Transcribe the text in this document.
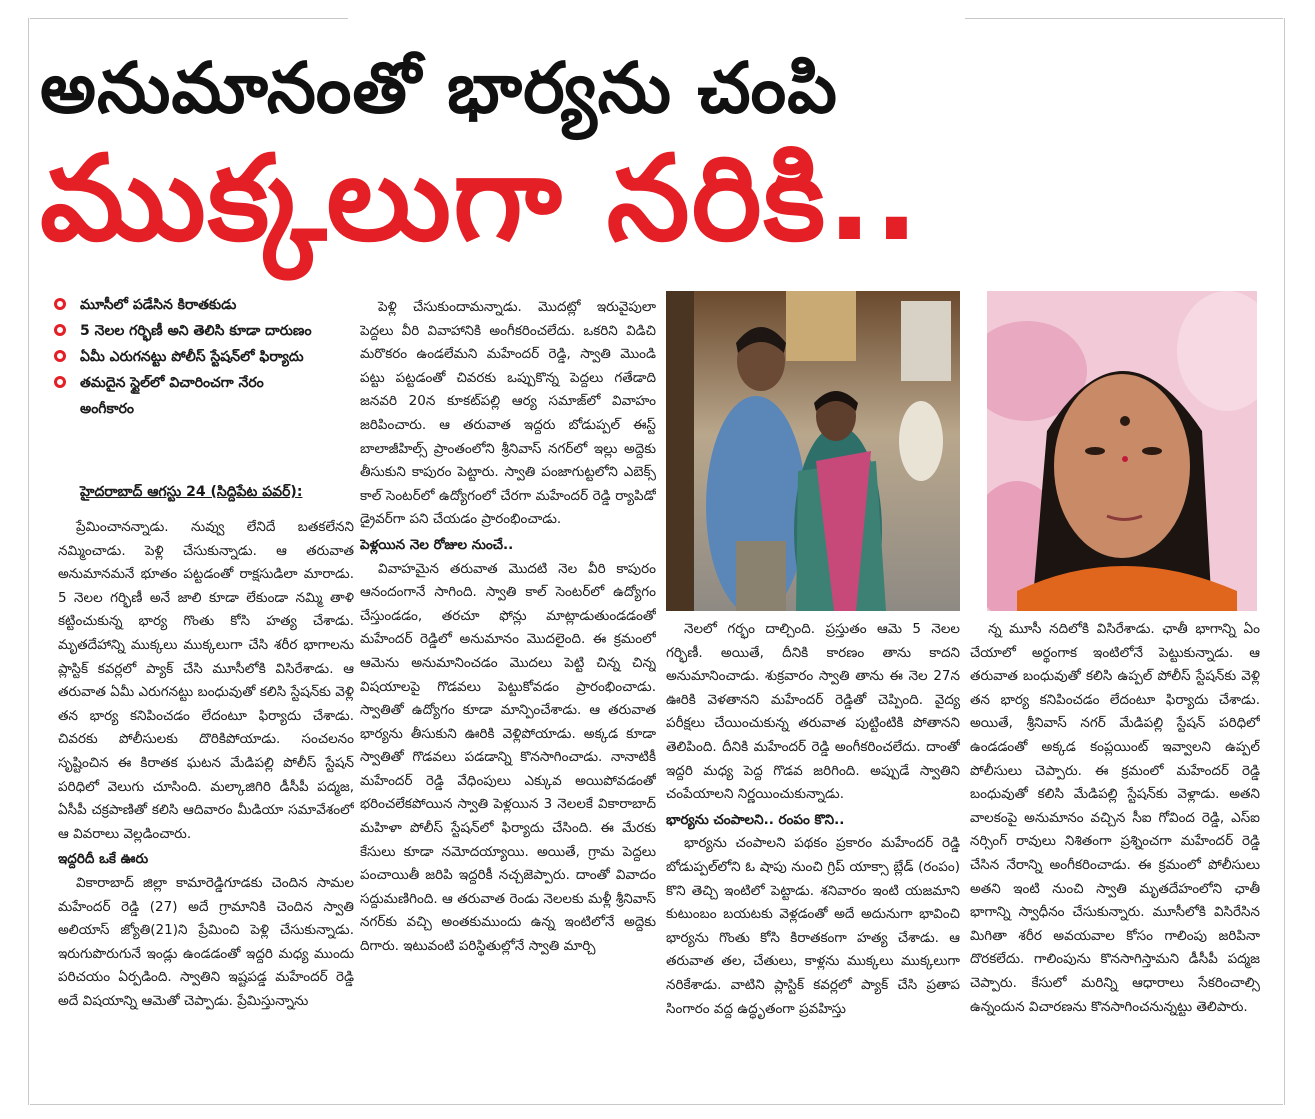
అనుమానంతో భార్యను చంపి
ముక్కలుగా నరికి..
మూసీలో పడేసిన కిరాతకుడు
5 నెలల గర్భిణీ అని తెలిసి కూడా దారుణం
ఏమీ ఎరుగనట్టు పోలీస్ స్టేషన్‌లో ఫిర్యాదు
తమదైన స్టైల్‌లో విచారించగా నేరం అంగీకారం
హైదరాబాద్ ఆగస్టు 24 (సిద్దిపేట పవర్):

ప్రేమించానన్నాడు. నువ్వు లేనిదే బతకలేనని నమ్మించాడు. పెళ్లి చేసుకున్నాడు. ఆ తరువాత అనుమానమనే భూతం పట్టడంతో రాక్షసుడిలా మారాడు. 5 నెలల గర్భిణీ అనే జాలి కూడా లేకుండా నమ్మి తాళి కట్టించుకున్న భార్య గొంతు కోసి హత్య చేశాడు. మృతదేహాన్ని ముక్కలు ముక్కలుగా చేసి శరీర భాగాలను ప్లాస్టిక్ కవర్లలో ప్యాక్ చేసి మూసీలోకి విసిరేశాడు. ఆ తరువాత ఏమీ ఎరుగనట్టు బంధువుతో కలిసి స్టేషన్‌కు వెళ్లి తన భార్య కనిపించడం లేదంటూ ఫిర్యాదు చేశాడు. చివరకు పోలీసులకు దొరికిపోయాడు. సంచలనం సృష్టించిన ఈ కిరాతక ఘటన మేడిపల్లి పోలీస్ స్టేషన్ పరిధిలో వెలుగు చూసింది. మల్కాజిగిరి డీసీపీ పద్మజ, ఏసీపీ చక్రపాణితో కలిసి ఆదివారం మీడియా సమావేశంలో ఆ వివరాలు వెల్లడించారు.

ఇద్దరిదీ ఒకే ఊరు

వికారాబాద్ జిల్లా కామారెడ్డిగూడకు చెందిన సామల మహేందర్ రెడ్డి (27) అదే గ్రామానికి చెందిన స్వాతి అలియాస్ జ్యోతి(21)ని ప్రేమించి పెళ్లి చేసుకున్నాడు. ఇరుగుపొరుగునే ఇండ్లు ఉండడంతో ఇద్దరి మధ్య ముందు పరిచయం ఏర్పడింది. స్వాతిని ఇష్టపడ్డ మహేందర్ రెడ్డి అదే విషయాన్ని ఆమెతో చెప్పాడు. ప్రేమిస్తున్నాను

పెళ్లి చేసుకుందామన్నాడు. మొదట్లో ఇరువైపులా పెద్దలు వీరి వివాహానికి అంగీకరించలేదు. ఒకరిని విడిచి మరొకరం ఉండలేమని మహేందర్ రెడ్డి, స్వాతి మొండి పట్టు పట్టడంతో చివరకు ఒప్పుకొన్న పెద్దలు గతేడాది జనవరి 20న కూకట్‌పల్లి ఆర్య సమాజ్‌లో వివాహం జరిపించారు. ఆ తరువాత ఇద్దరు బోడుప్పల్ ఈస్ట్ బాలాజీహిల్స్ ప్రాంతంలోని శ్రీనివాస్ నగర్‌లో ఇల్లు అద్దెకు తీసుకుని కాపురం పెట్టారు. స్వాతి పంజాగుట్టలోని ఎబెక్స్ కాల్ సెంటర్‌లో ఉద్యోగంలో చేరగా మహేందర్ రెడ్డి ర్యాపిడో డ్రైవర్‌గా పని చేయడం ప్రారంభించాడు.

పెళ్లయిన నెల రోజుల నుంచే..

వివాహమైన తరువాత మొదటి నెల వీరి కాపురం ఆనందంగానే సాగింది. స్వాతి కాల్ సెంటర్‌లో ఉద్యోగం చేస్తుండడం, తరచూ ఫోన్లు మాట్లాడుతుండడంతో మహేందర్ రెడ్డిలో అనుమానం మొదలైంది. ఈ క్రమంలో ఆమెను అనుమానించడం మొదలు పెట్టి చిన్న చిన్న విషయాలపై గొడవలు పెట్టుకోవడం ప్రారంభించాడు. స్వాతితో ఉద్యోగం కూడా మాన్పించేశాడు. ఆ తరువాత భార్యను తీసుకుని ఊరికి వెళ్లిపోయాడు. అక్కడ కూడా స్వాతితో గొడవలు పడడాన్ని కొనసాగించాడు. నానాటికీ మహేందర్ రెడ్డి వేధింపులు ఎక్కువ అయిపోవడంతో భరించలేకపోయిన స్వాతి పెళ్లయిన 3 నెలలకే వికారాబాద్ మహిళా పోలీస్ స్టేషన్‌లో ఫిర్యాదు చేసింది. ఈ మేరకు కేసులు కూడా నమోదయ్యాయి. అయితే, గ్రామ పెద్దలు పంచాయితీ జరిపి ఇద్దరికీ నచ్చజెప్పారు. దాంతో వివాదం సద్దుమణిగింది. ఆ తరువాత రెండు నెలలకు మళ్లీ శ్రీనివాస్ నగర్‌కు వచ్చి అంతకుముందు ఉన్న ఇంటిలోనే అద్దెకు దిగారు. ఇటువంటి పరిస్థితుల్లోనే స్వాతి మార్చి

నెలలో గర్భం దాల్చింది. ప్రస్తుతం ఆమె 5 నెలల గర్భిణీ. అయితే, దీనికి కారణం తాను కాదని అనుమానించాడు. శుక్రవారం స్వాతి తాను ఈ నెల 27న ఊరికి వెళతానని మహేందర్ రెడ్డితో చెప్పింది. వైద్య పరీక్షలు చేయించుకున్న తరువాత పుట్టింటికి పోతానని తెలిపింది. దీనికి మహేందర్ రెడ్డి అంగీకరించలేదు. దాంతో ఇద్దరి మధ్య పెద్ద గొడవ జరిగింది. అప్పుడే స్వాతిని చంపేయాలని నిర్ణయించుకున్నాడు.

భార్యను చంపాలని.. రంపం కొని..

భార్యను చంపాలని పథకం ప్రకారం మహేందర్ రెడ్డి బోడుప్పల్‌లోని ఓ షాపు నుంచి గ్రిప్ యాక్సా బ్లేడ్ (రంపం) కొని తెచ్చి ఇంటిలో పెట్టాడు. శనివారం ఇంటి యజమాని కుటుంబం బయటకు వెళ్లడంతో అదే అదునుగా భావించి భార్యను గొంతు కోసి కిరాతకంగా హత్య చేశాడు. ఆ తరువాత తల, చేతులు, కాళ్లను ముక్కలు ముక్కలుగా నరికేశాడు. వాటిని ప్లాస్టిక్ కవర్లలో ప్యాక్ చేసి ప్రతాప సింగారం వద్ద ఉద్ధృతంగా ప్రవహిస్తు

న్న మూసీ నదిలోకి విసిరేశాడు. ఛాతీ భాగాన్ని ఏం చేయాలో అర్థంగాక ఇంటిలోనే పెట్టుకున్నాడు. ఆ తరువాత బంధువుతో కలిసి ఉప్పల్ పోలీస్ స్టేషన్‌కు వెళ్లి తన భార్య కనిపించడం లేదంటూ ఫిర్యాదు చేశాడు. అయితే, శ్రీనివాస్ నగర్ మేడిపల్లి స్టేషన్ పరిధిలో ఉండడంతో అక్కడ కంప్లయింట్ ఇవ్వాలని ఉప్పల్ పోలీసులు చెప్పారు. ఈ క్రమంలో మహేందర్ రెడ్డి బంధువుతో కలిసి మేడిపల్లి స్టేషన్‌కు వెళ్లాడు. అతని వాలకంపై అనుమానం వచ్చిన సీఐ గోవింద రెడ్డి, ఎస్ఐ నర్సింగ్ రావులు నిశితంగా ప్రశ్నించగా మహేందర్ రెడ్డి చేసిన నేరాన్ని అంగీకరించాడు. ఈ క్రమంలో పోలీసులు అతని ఇంటి నుంచి స్వాతి మృతదేహంలోని ఛాతీ భాగాన్ని స్వాధీనం చేసుకున్నారు. మూసీలోకి విసిరేసిన మిగితా శరీర అవయవాల కోసం గాలింపు జరిపినా దొరకలేదు. గాలింపును కొనసాగిస్తామని డీసీపీ పద్మజ చెప్పారు. కేసులో మరిన్ని ఆధారాలు సేకరించాల్సి ఉన్నందున విచారణను కొనసాగించనున్నట్టు తెలిపారు.
